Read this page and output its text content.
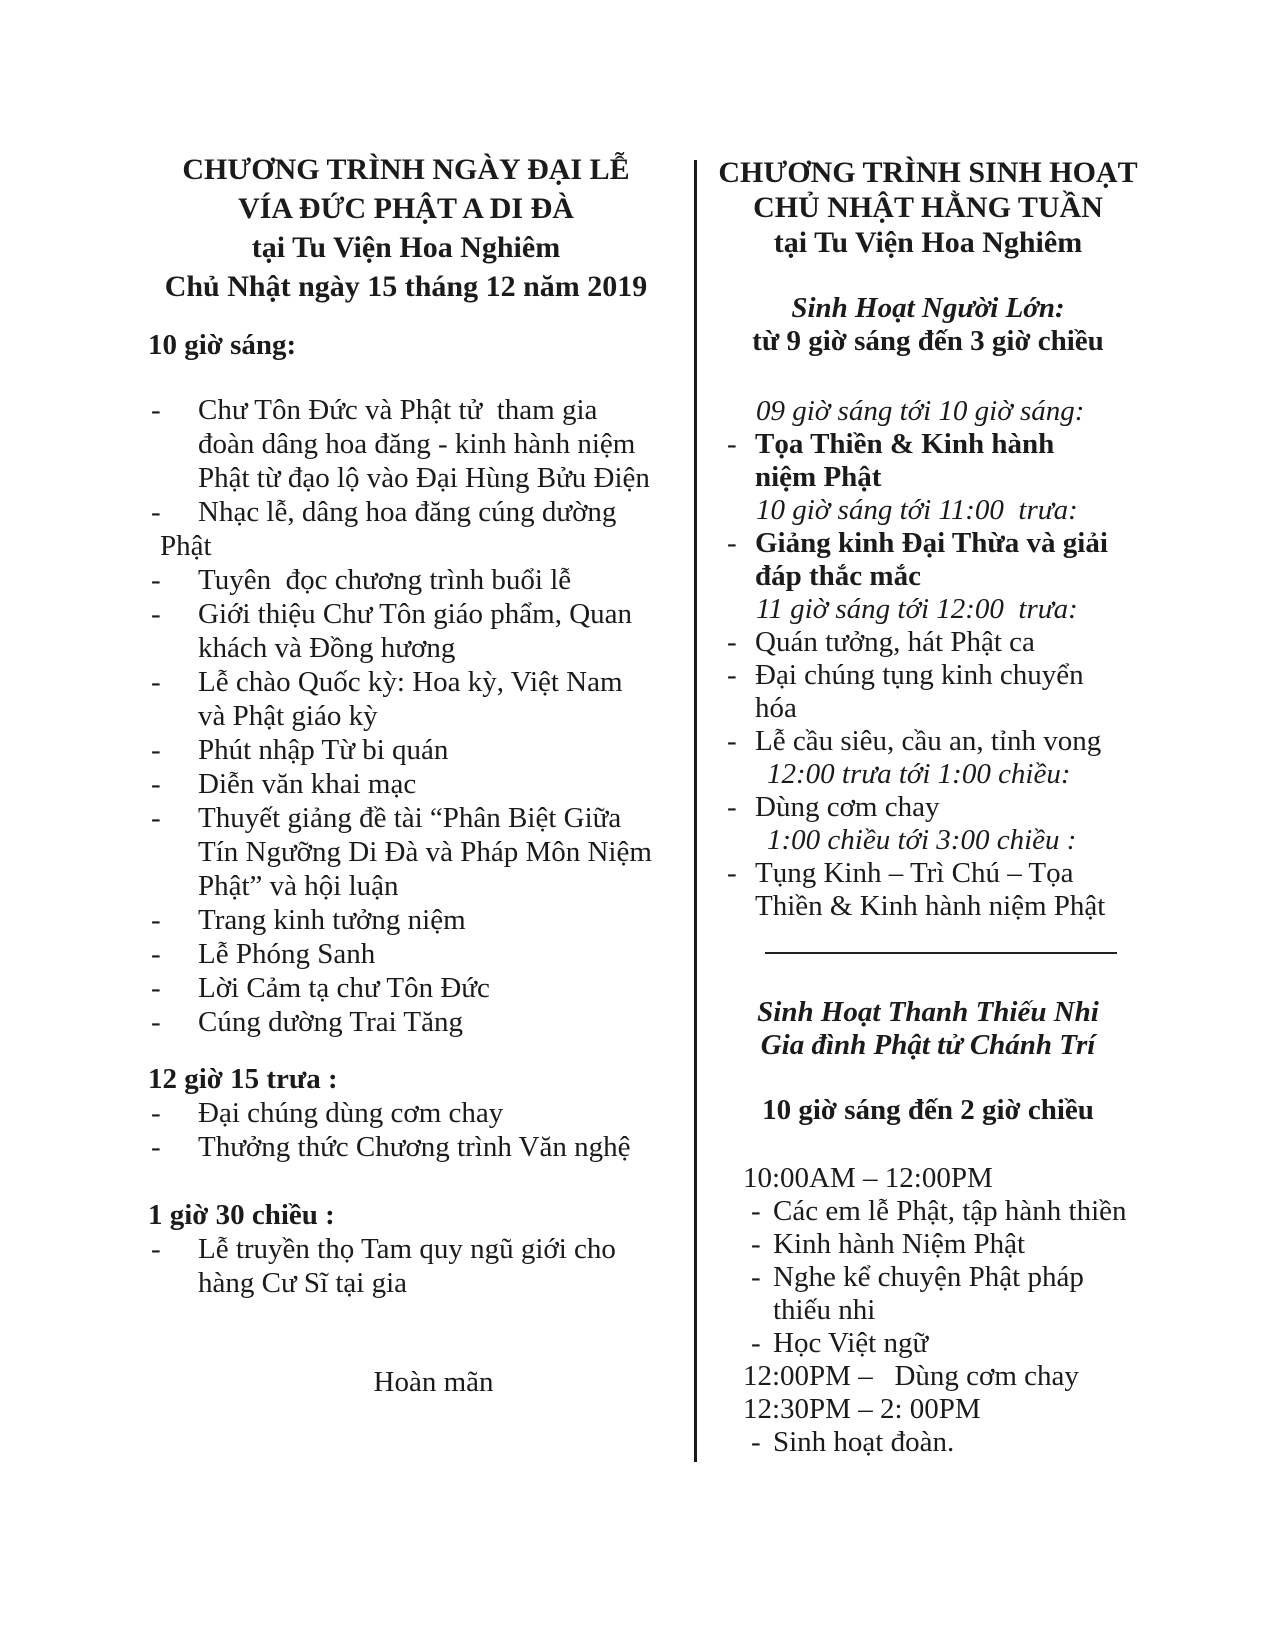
CHƯƠNG TRÌNH NGÀY ĐẠI LỄ
VÍA ĐỨC PHẬT A DI ĐÀ
tại Tu Viện Hoa Nghiêm
Chủ Nhật ngày 15 tháng 12 năm 2019
10 giờ sáng:
-	Chư Tôn Đức và Phật tử  tham gia
đoàn dâng hoa đăng - kinh hành niệm
Phật từ đạo lộ vào Đại Hùng Bửu Điện
-	Nhạc lễ, dâng hoa đăng cúng dường
Phật
-	Tuyên  đọc chương trình buổi lễ
-	Giới thiệu Chư Tôn giáo phẩm, Quan
khách và Đồng hương
-	Lễ chào Quốc kỳ: Hoa kỳ, Việt Nam
và Phật giáo kỳ
-	Phút nhập Từ bi quán
-	Diễn văn khai mạc
-	Thuyết giảng đề tài “Phân Biệt Giữa
Tín Ngưỡng Di Đà và Pháp Môn Niệm
Phật” và hội luận
-	Trang kinh tưởng niệm
-	Lễ Phóng Sanh
-	Lời Cảm tạ chư Tôn Đức
-	Cúng dường Trai Tăng
12 giờ 15 trưa :
-	Đại chúng dùng cơm chay
-	Thưởng thức Chương trình Văn nghệ
1 giờ 30 chiều :
-	Lễ truyền thọ Tam quy ngũ giới cho
hàng Cư Sĩ tại gia
Hoàn mãn
CHƯƠNG TRÌNH SINH HOẠT
CHỦ NHẬT HẰNG TUẦN
tại Tu Viện Hoa Nghiêm
Sinh Hoạt Người Lớn:
từ 9 giờ sáng đến 3 giờ chiều
09 giờ sáng tới 10 giờ sáng:
- Tọa Thiền & Kinh hành
niệm Phật
10 giờ sáng tới 11:00  trưa:
- Giảng kinh Đại Thừa và giải
đáp thắc mắc
11 giờ sáng tới 12:00  trưa:
- Quán tưởng, hát Phật ca
- Đại chúng tụng kinh chuyển
hóa
- Lễ cầu siêu, cầu an, tỉnh vong
12:00 trưa tới 1:00 chiều:
- Dùng cơm chay
1:00 chiều tới 3:00 chiều :
- Tụng Kinh – Trì Chú – Tọa
Thiền & Kinh hành niệm Phật
Sinh Hoạt Thanh Thiếu Nhi
Gia đình Phật tử Chánh Trí
10 giờ sáng đến 2 giờ chiều
10:00AM – 12:00PM
- Các em lễ Phật, tập hành thiền
- Kinh hành Niệm Phật
- Nghe kể chuyện Phật pháp
thiếu nhi
- Học Việt ngữ
12:00PM –   Dùng cơm chay
12:30PM – 2: 00PM
- Sinh hoạt đoàn.
